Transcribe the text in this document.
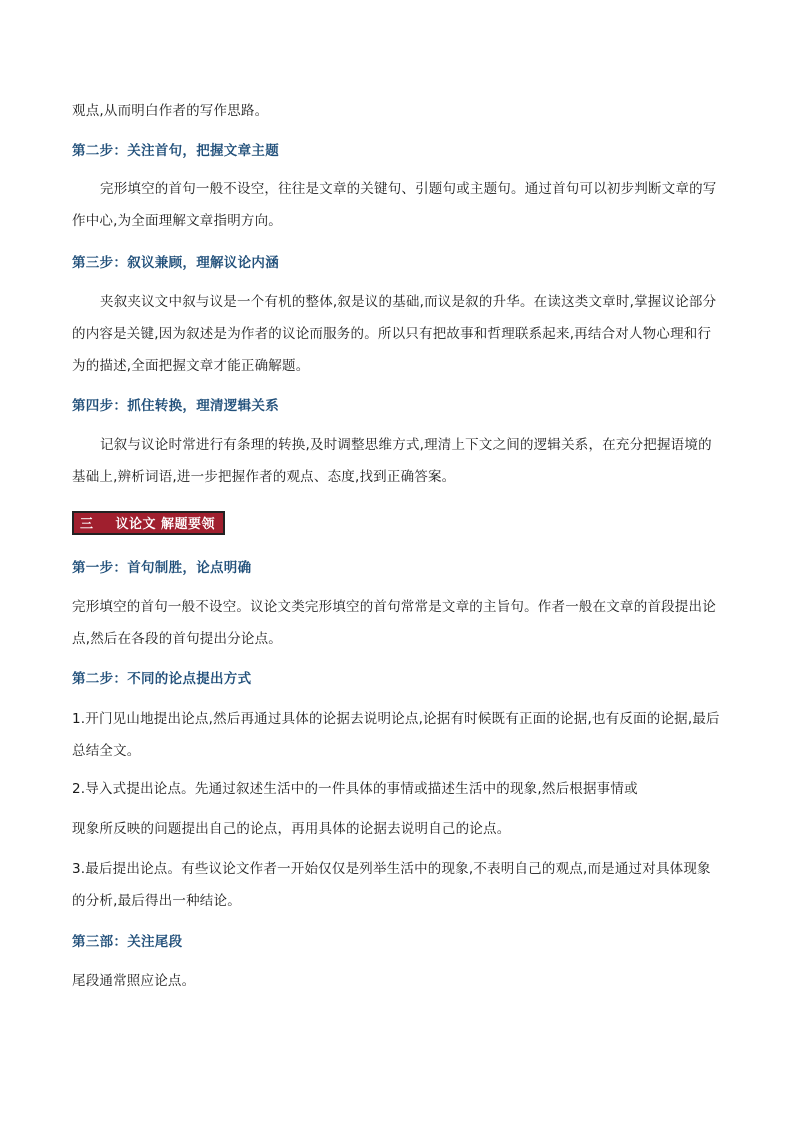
观点,从而明白作者的写作思路。

第二步：关注首句，把握文章主题

完形填空的首句一般不设空，往往是文章的关键句、引题句或主题句。通过首句可以初步判断文章的写作中心,为全面理解文章指明方向。

第三步：叙议兼顾，理解议论内涵

夹叙夹议文中叙与议是一个有机的整体,叙是议的基础,而议是叙的升华。在读这类文章时,掌握议论部分的内容是关键,因为叙述是为作者的议论而服务的。所以只有把故事和哲理联系起来,再结合对人物心理和行为的描述,全面把握文章才能正确解题。

第四步：抓住转换，理清逻辑关系

记叙与议论时常进行有条理的转换,及时调整思维方式,理清上下文之间的逻辑关系，在充分把握语境的基础上,辨析词语,进一步把握作者的观点、态度,找到正确答案。

三 议论文 解题要领
第一步：首句制胜，论点明确

完形填空的首句一般不设空。议论文类完形填空的首句常常是文章的主旨句。作者一般在文章的首段提出论点,然后在各段的首句提出分论点。

第二步：不同的论点提出方式

1.开门见山地提出论点,然后再通过具体的论据去说明论点,论据有时候既有正面的论据,也有反面的论据,最后总结全文。

2.导入式提出论点。先通过叙述生活中的一件具体的事情或描述生活中的现象,然后根据事情或

现象所反映的问题提出自己的论点，再用具体的论据去说明自己的论点。

3.最后提出论点。有些议论文作者一开始仅仅是列举生活中的现象,不表明自己的观点,而是通过对具体现象的分析,最后得出一种结论。

第三部：关注尾段

尾段通常照应论点。
